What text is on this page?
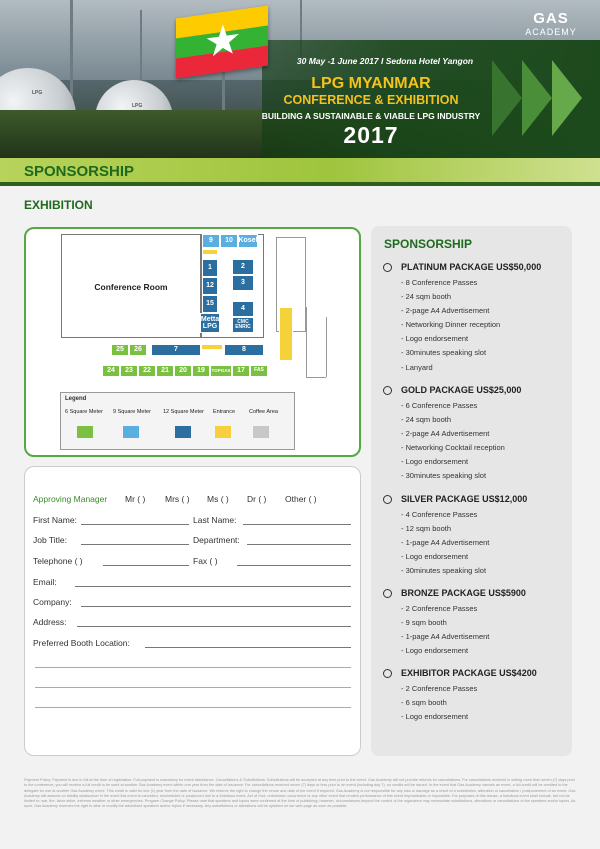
LPG
LPG
★	GAS
ACADEMY
30 May -1 June 2017 I Sedona Hotel Yangon
LPG MYANMAR
CONFERENCE & EXHIBITION
BUILDING A SUSTAINABLE & VIABLE LPG INDUSTRY
2017
SPONSORSHIP
EXHIBITION
Conference Room
9	10 Kosel
1
12
15
Metta LPG
2
3
4
CMC ENRIC
25	26	7	8
24	23	22	21	20	19	TOPGAS 17	FAS
Legend
6 Square Meter 9 Square Meter 12 Square Meter Entrance	Coffee Area
Approving Manager Mr ( ) Mrs ( ) Ms ( ) Dr ( ) Other ( )
First Name:	Last Name:
Job Title:	Department:
Telephone ( )	Fax ( )
Email:
Company:
Address:
Preferred Booth Location:
SPONSORSHIP
PLATINUM PACKAGE US$50,000
- 8 Conference Passes
- 24 sqm booth
- 2-page A4 Advertisement
- Networking Dinner reception
- Logo endorsement
- 30minutes speaking slot
- Lanyard
GOLD PACKAGE US$25,000
- 6 Conference Passes
- 24 sqm booth
- 2-page A4 Advertisement
- Networking Cocktail reception
- Logo endorsement
- 30minutes speaking slot
SILVER PACKAGE US$12,000
- 4 Conference Passes
- 12 sqm booth
- 1-page A4 Advertisement
- Logo endorsement
- 30minutes speaking slot
BRONZE PACKAGE US$5900
- 2 Conference Passes
- 9 sqm booth
- 1-page A4 Advertisement
- Logo endorsement
EXHIBITOR PACKAGE US$4200
- 2 Conference Passes
- 6 sqm booth
- Logo endorsement
Payment Policy: Payment is due in full at the time of registration. Full payment is mandatory for event attendance. Cancellations & Substitutions: Substitutions will be accepted at any time prior to the event. Gas Academy will not provide refunds for cancellations. For cancellations received in writing more than seven (7) days prior to the conference, you will receive a full credit to be used at another Gas Academy event within one year from the date of issuance. For cancellations received seven (7) days or less prior to an event (including day 7), no credits will be issued. In the event that Gas Academy cancels an event, a full credit will be credited to the delegate for use at another Gas Academy event. This credit is valid for one (1) year from the date of issuance. We reserve the right to change the venue and date of the event if required. Gas Academy is not responsible for any loss or damage as a result of a substitution, alteration or cancellation / postponement of an event. Gas Academy will assume no liability whatsoever in the event this event is cancelled, rescheduled or postponed due to a fortuitous event, Act of God, unforeseen occurrence or any other event that renders performance of this event impracticable or impossible. For purposes of this clause, a fortuitous event shall include, but not be limited to: war, fire, labor strike, extreme weather or other emergencies. Program Change Policy: Please note that speakers and topics were confirmed at the time of publishing; however, circumstances beyond the control of the organizers may necessitate substitutions, alterations or cancellations of the speakers and/or topics. As such, Gas Academy reserves the right to alter or modify the advertised speakers and/or topics if necessary. Any substitutions or alterations will be updated on our web page as soon as possible.
